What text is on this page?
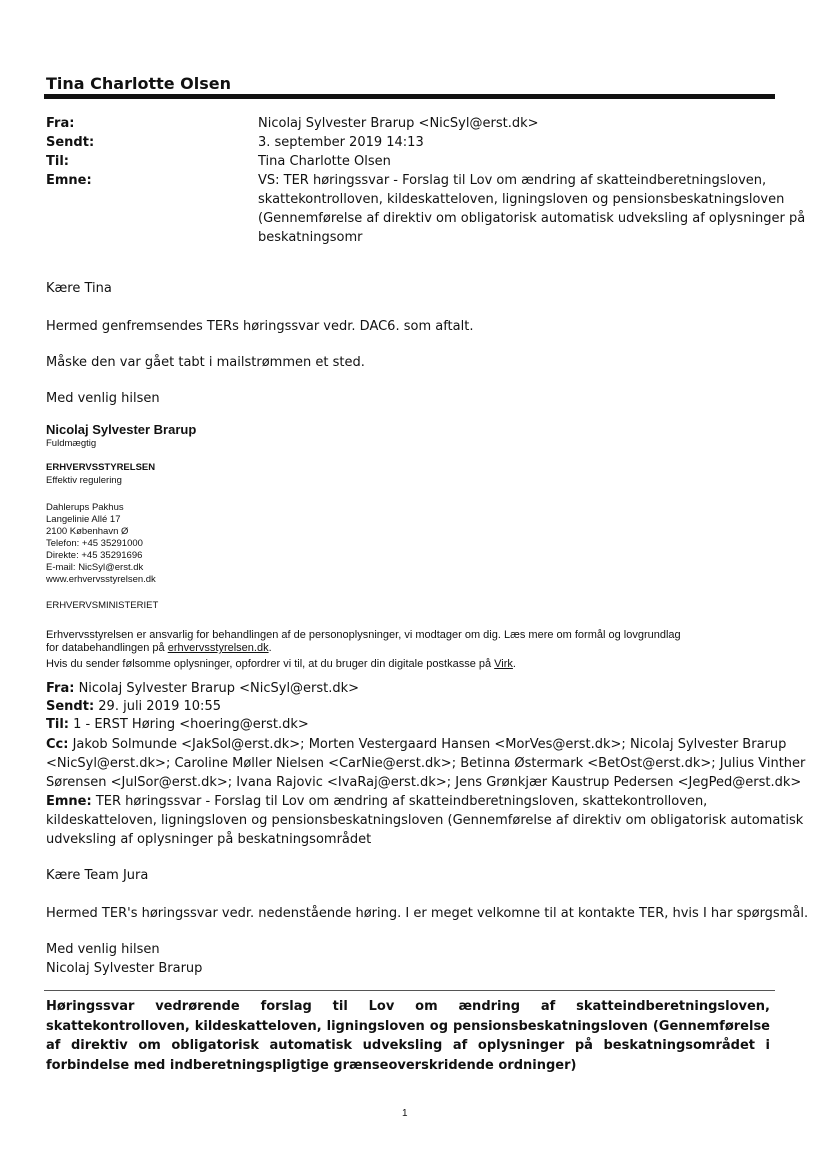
Tina Charlotte Olsen
Fra:
Sendt:
Til:
Emne:
Nicolaj Sylvester Brarup <NicSyl@erst.dk>
3. september 2019 14:13
Tina Charlotte Olsen
VS: TER høringssvar - Forslag til Lov om ændring af skatteindberetningsloven,
skattekontrolloven, kildeskatteloven, ligningsloven og pensionsbeskatningsloven
(Gennemførelse af direktiv om obligatorisk automatisk udveksling af oplysninger på
beskatningsomr
Kære Tina
Hermed genfremsendes TERs høringssvar vedr. DAC6. som aftalt.
Måske den var gået tabt i mailstrømmen et sted.
Med venlig hilsen
Nicolaj Sylvester Brarup
Fuldmægtig
ERHVERVSSTYRELSEN
Effektiv regulering
Dahlerups Pakhus
Langelinie Allé 17
2100 København Ø
Telefon: +45 35291000
Direkte: +45 35291696
E-mail: NicSyl@erst.dk
www.erhvervsstyrelsen.dk
ERHVERVSMINISTERIET
Erhvervsstyrelsen er ansvarlig for behandlingen af de personoplysninger, vi modtager om dig. Læs mere om formål og lovgrundlag
for databehandlingen på erhvervsstyrelsen.dk.
Hvis du sender følsomme oplysninger, opfordrer vi til, at du bruger din digitale postkasse på Virk.
Fra: Nicolaj Sylvester Brarup <NicSyl@erst.dk>
Sendt: 29. juli 2019 10:55
Til: 1 - ERST Høring <hoering@erst.dk>
Cc: Jakob Solmunde <JakSol@erst.dk>; Morten Vestergaard Hansen <MorVes@erst.dk>; Nicolaj Sylvester Brarup
<NicSyl@erst.dk>; Caroline Møller Nielsen <CarNie@erst.dk>; Betinna Østermark <BetOst@erst.dk>; Julius Vinther
Sørensen <JulSor@erst.dk>; Ivana Rajovic <IvaRaj@erst.dk>; Jens Grønkjær Kaustrup Pedersen <JegPed@erst.dk>
Emne: TER høringssvar - Forslag til Lov om ændring af skatteindberetningsloven, skattekontrolloven,
kildeskatteloven, ligningsloven og pensionsbeskatningsloven (Gennemførelse af direktiv om obligatorisk automatisk
udveksling af oplysninger på beskatningsområdet
Kære Team Jura
Hermed TER's høringssvar vedr. nedenstående høring. I er meget velkomne til at kontakte TER, hvis I har spørgsmål.
Med venlig hilsen
Nicolaj Sylvester Brarup
Høringssvar vedrørende forslag til Lov om ændring af skatteindberetningsloven, skattekontrolloven, kildeskatteloven, ligningsloven og pensionsbeskatningsloven (Gennemførelse af direktiv om obligatorisk automatisk udveksling af oplysninger på beskatningsområdet i forbindelse med indberetningspligtige grænseoverskridende ordninger)
1
